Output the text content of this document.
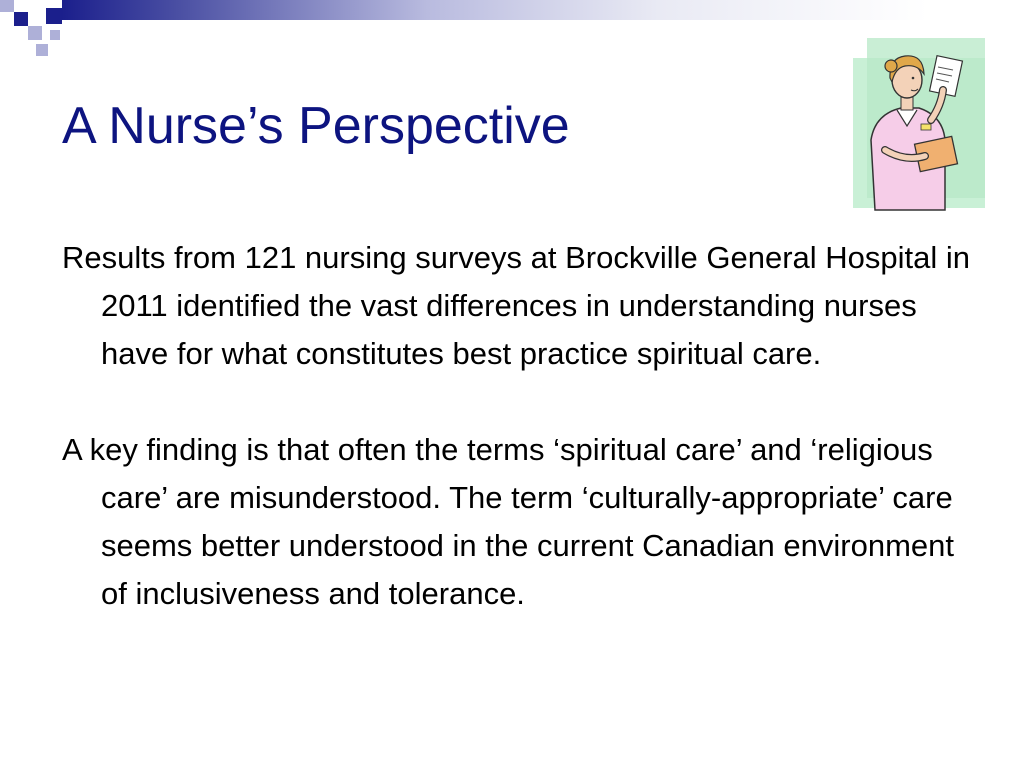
A Nurse’s Perspective

Results from 121 nursing surveys at Brockville General Hospital in 2011 identified the vast differences in understanding nurses have for what constitutes best practice spiritual care.

A key finding is that often the terms ‘spiritual care’ and ‘religious care’ are misunderstood. The term ‘culturally-appropriate’ care seems better understood in the current Canadian environment of inclusiveness and tolerance.
